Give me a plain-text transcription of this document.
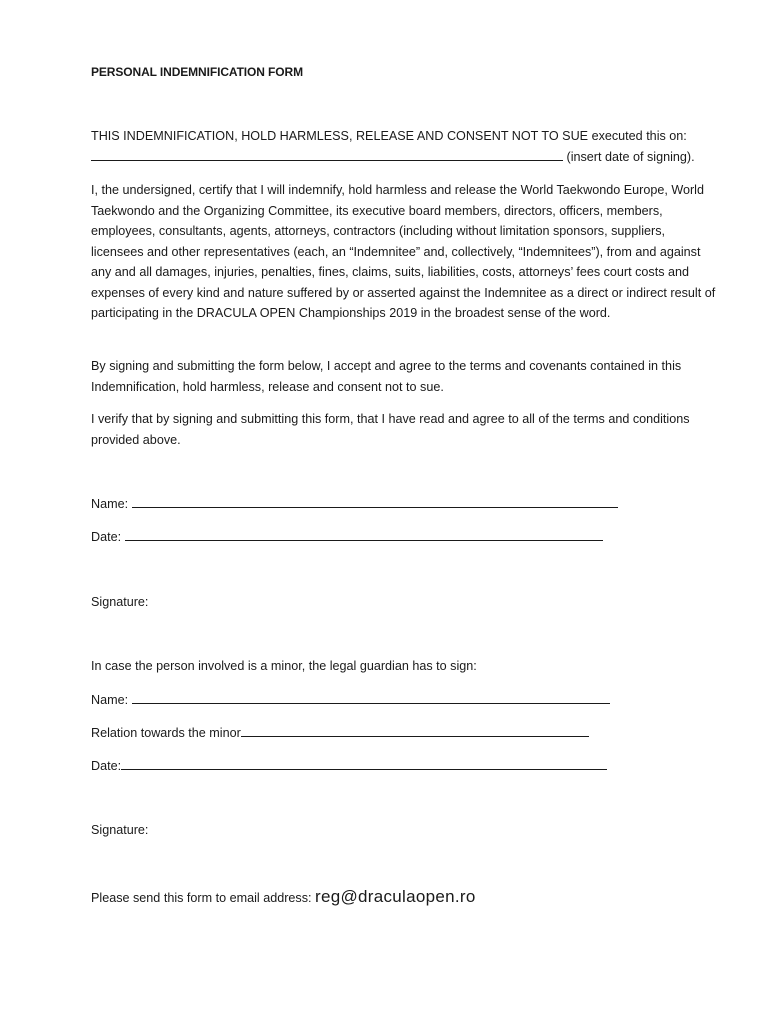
PERSONAL INDEMNIFICATION FORM

THIS INDEMNIFICATION, HOLD HARMLESS, RELEASE AND CONSENT NOT TO SUE executed this on:
(insert date of signing).

I, the undersigned, certify that I will indemnify, hold harmless and release the World Taekwondo Europe, World Taekwondo and the Organizing Committee, its executive board members, directors, officers, members, employees, consultants, agents, attorneys, contractors (including without limitation sponsors, suppliers, licensees and other representatives (each, an “Indemnitee” and, collectively, “Indemnitees”), from and against any and all damages, injuries, penalties, fines, claims, suits, liabilities, costs, attorneys’ fees court costs and expenses of every kind and nature suffered by or asserted against the Indemnitee as a direct or indirect result of participating in the DRACULA OPEN Championships 2019 in the broadest sense of the word.

By signing and submitting the form below, I accept and agree to the terms and covenants contained in this Indemnification, hold harmless, release and consent not to sue.

I verify that by signing and submitting this form, that I have read and agree to all of the terms and conditions provided above.

Name:
Date:
Signature:
In case the person involved is a minor, the legal guardian has to sign:
Name:
Relation towards the minor
Date:
Signature:
Please send this form to email address: reg@draculaopen.ro
